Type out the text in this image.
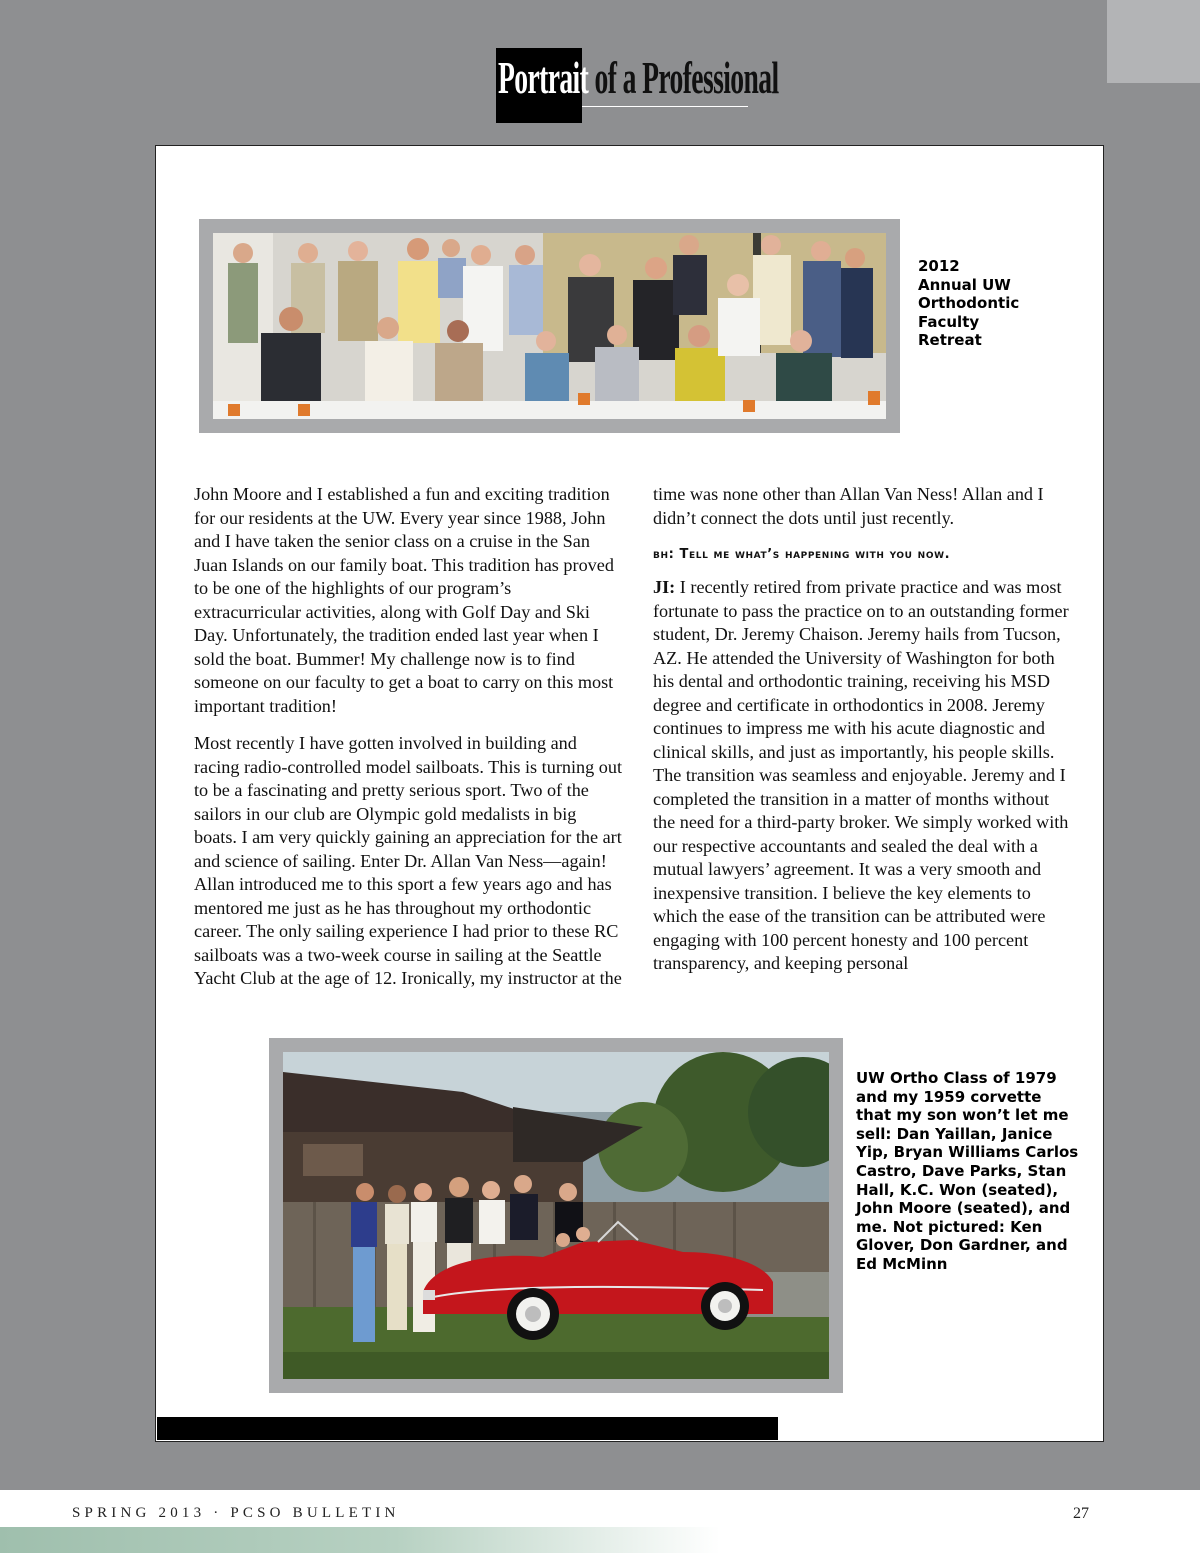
Portrait of a Professional
2012
Annual UW
Orthodontic
Faculty
Retreat

John Moore and I established a fun and exciting tradition for our residents at the UW. Every year since 1988, John and I have taken the senior class on a cruise in the San Juan Islands on our family boat. This tradition has proved to be one of the highlights of our program’s extracurricular activities, along with Golf Day and Ski Day. Unfortunately, the tradition ended last year when I sold the boat. Bummer! My challenge now is to find someone on our faculty to get a boat to carry on this most important tradition!

Most recently I have gotten involved in building and racing radio-controlled model sailboats. This is turning out to be a fascinating and pretty serious sport. Two of the sailors in our club are Olympic gold medalists in big boats. I am very quickly gaining an appreciation for the art and science of sailing. Enter Dr. Allan Van Ness—again! Allan introduced me to this sport a few years ago and has mentored me just as he has throughout my orthodontic career. The only sailing experience I had prior to these RC sailboats was a two-week course in sailing at the Seattle Yacht Club at the age of 12. Ironically, my instructor at the

time was none other than Allan Van Ness! Allan and I didn’t connect the dots until just recently.

bh: Tell me what’s happening with you now.

JI: I recently retired from private practice and was most fortunate to pass the practice on to an outstanding former student, Dr. Jeremy Chaison. Jeremy hails from Tucson, AZ. He attended the University of Washington for both his dental and orthodontic training, receiving his MSD degree and certificate in orthodontics in 2008. Jeremy continues to impress me with his acute diagnostic and clinical skills, and just as importantly, his people skills. The transition was seamless and enjoyable. Jeremy and I completed the transition in a matter of months without the need for a third-party broker. We simply worked with our respective accountants and sealed the deal with a mutual lawyers’ agreement. It was a very smooth and inexpensive transition. I believe the key elements to which the ease of the transition can be attributed were engaging with 100 percent honesty and 100 percent transparency, and keeping personal

UW Ortho Class of 1979 and my 1959 corvette that my son won’t let me sell: Dan Yaillan, Janice Yip, Bryan Williams Carlos Castro, Dave Parks, Stan Hall, K.C. Won (seated), John Moore (seated), and me. Not pictured: Ken Glover, Don Gardner, and Ed McMinn
SPRING 2013 · PCSO BULLETIN	27
